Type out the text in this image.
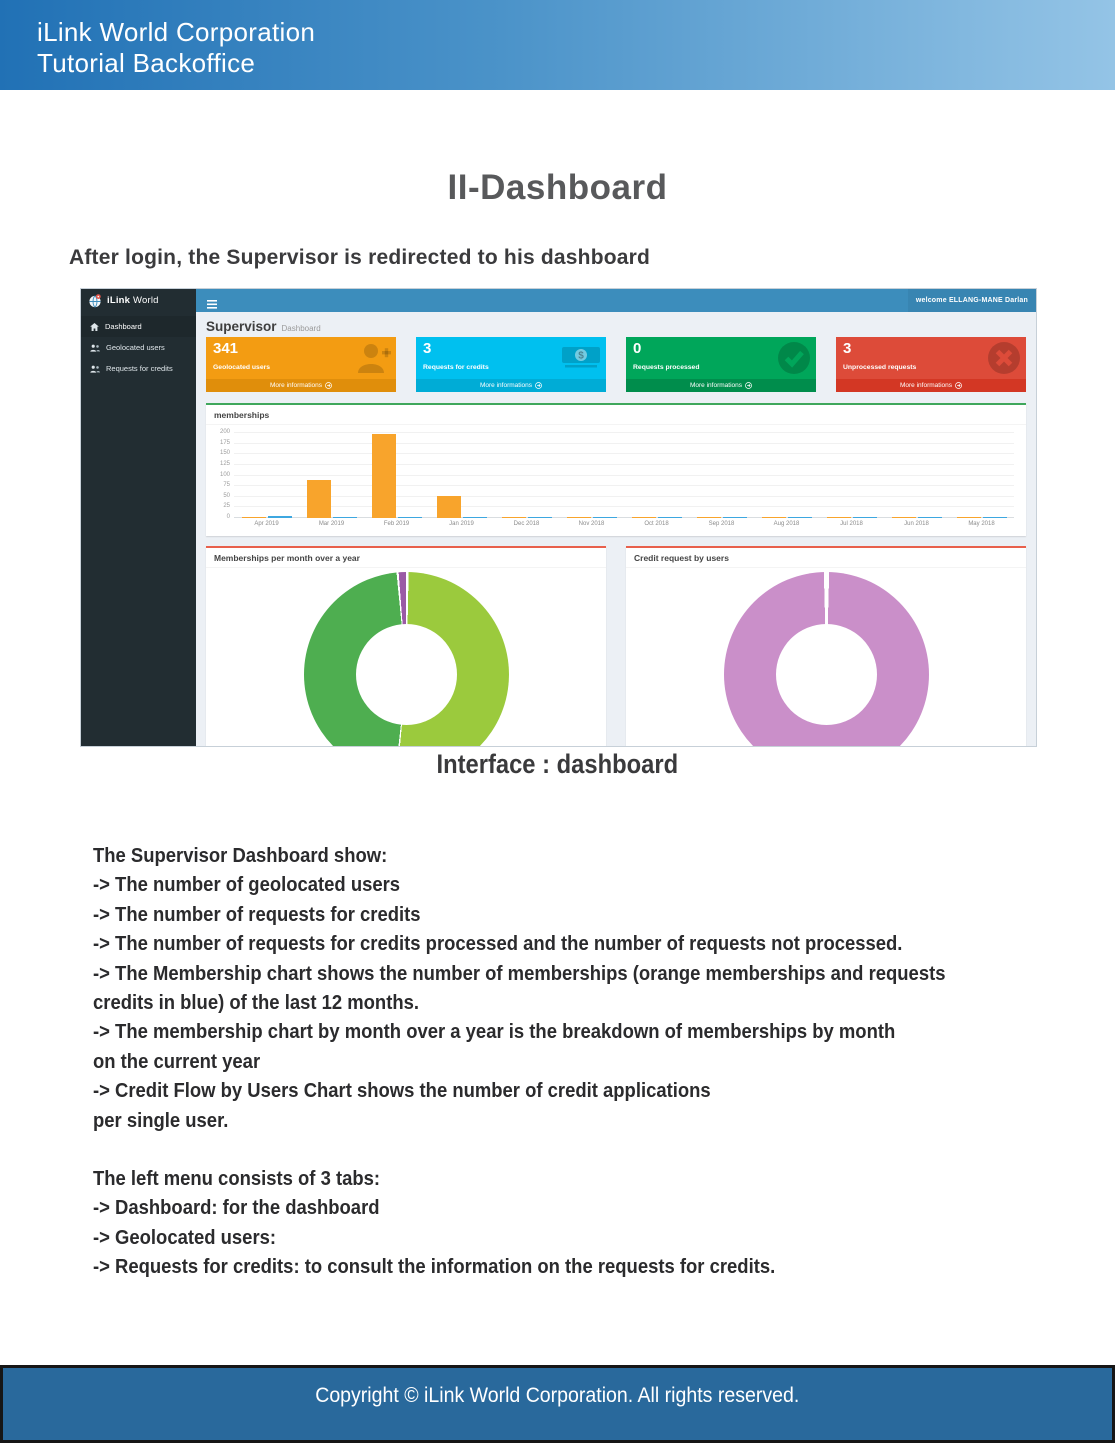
iLink World Corporation
Tutorial Backoffice
II-Dashboard
After login, the Supervisor is redirected to his dashboard
iLink World	welcome ELLANG-MANE Darlan
Dashboard
Geolocated users
Requests for credits
Supervisor Dashboard
341
Geolocated users
More informations
3
Requests for credits
$
More informations
0
Requests processed
More informations
3
Unprocessed requests
More informations
memberships
0
25
50
75
100
125
150
175
200
Apr 2019	Mar 2019	Feb 2019	Jan 2019	Dec 2018	Nov 2018	Oct 2018	Sep 2018	Aug 2018	Jul 2018	Jun 2018	May 2018
Memberships per month over a year	Credit request by users
Interface : dashboard
The Supervisor Dashboard show:
-> The number of geolocated users
-> The number of requests for credits
-> The number of requests for credits processed and the number of requests not processed.
-> The Membership chart shows the number of memberships (orange memberships and requests
credits in blue) of the last 12 months.
-> The membership chart by month over a year is the breakdown of memberships by month
on the current year
-> Credit Flow by Users Chart shows the number of credit applications
per single user.
The left menu consists of 3 tabs:
-> Dashboard: for the dashboard
-> Geolocated users:
-> Requests for credits: to consult the information on the requests for credits.
Copyright © iLink World Corporation. All rights reserved.
